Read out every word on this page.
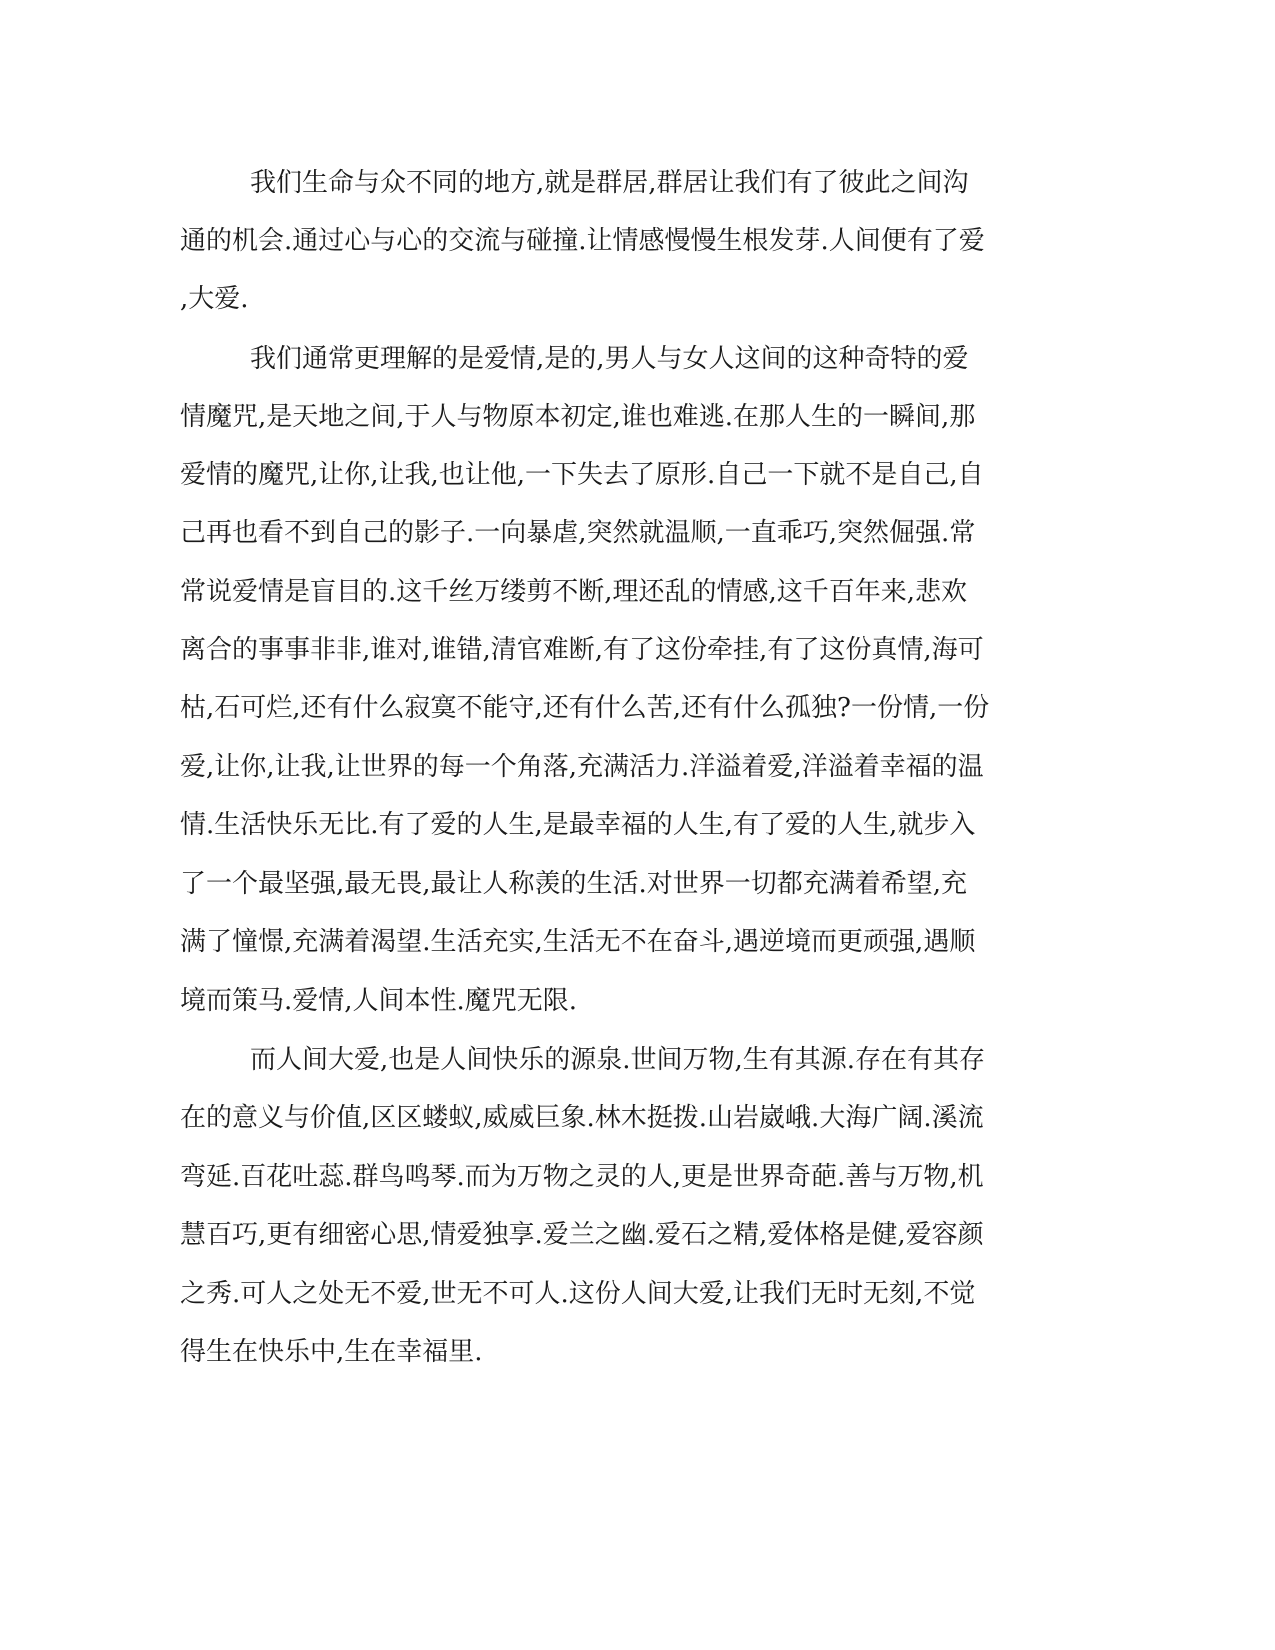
我们生命与众不同的地方,就是群居,群居让我们有了彼此之间沟

通的机会.通过心与心的交流与碰撞.让情感慢慢生根发芽.人间便有了爱

,大爱.

我们通常更理解的是爱情,是的,男人与女人这间的这种奇特的爱

情魔咒,是天地之间,于人与物原本初定,谁也难逃.在那人生的一瞬间,那

爱情的魔咒,让你,让我,也让他,一下失去了原形.自己一下就不是自己,自

己再也看不到自己的影子.一向暴虐,突然就温顺,一直乖巧,突然倔强.常

常说爱情是盲目的.这千丝万缕剪不断,理还乱的情感,这千百年来,悲欢

离合的事事非非,谁对,谁错,清官难断,有了这份牵挂,有了这份真情,海可

枯,石可烂,还有什么寂寞不能守,还有什么苦,还有什么孤独?一份情,一份

爱,让你,让我,让世界的每一个角落,充满活力.洋溢着爱,洋溢着幸福的温

情.生活快乐无比.有了爱的人生,是最幸福的人生,有了爱的人生,就步入

了一个最坚强,最无畏,最让人称羡的生活.对世界一切都充满着希望,充

满了憧憬,充满着渴望.生活充实,生活无不在奋斗,遇逆境而更顽强,遇顺

境而策马.爱情,人间本性.魔咒无限.

而人间大爱,也是人间快乐的源泉.世间万物,生有其源.存在有其存

在的意义与价值,区区蝼蚁,威威巨象.林木挺拨.山岩崴峨.大海广阔.溪流

弯延.百花吐蕊.群鸟鸣琴.而为万物之灵的人,更是世界奇葩.善与万物,机

慧百巧,更有细密心思,情爱独享.爱兰之幽.爱石之精,爱体格是健,爱容颜

之秀.可人之处无不爱,世无不可人.这份人间大爱,让我们无时无刻,不觉

得生在快乐中,生在幸福里.
